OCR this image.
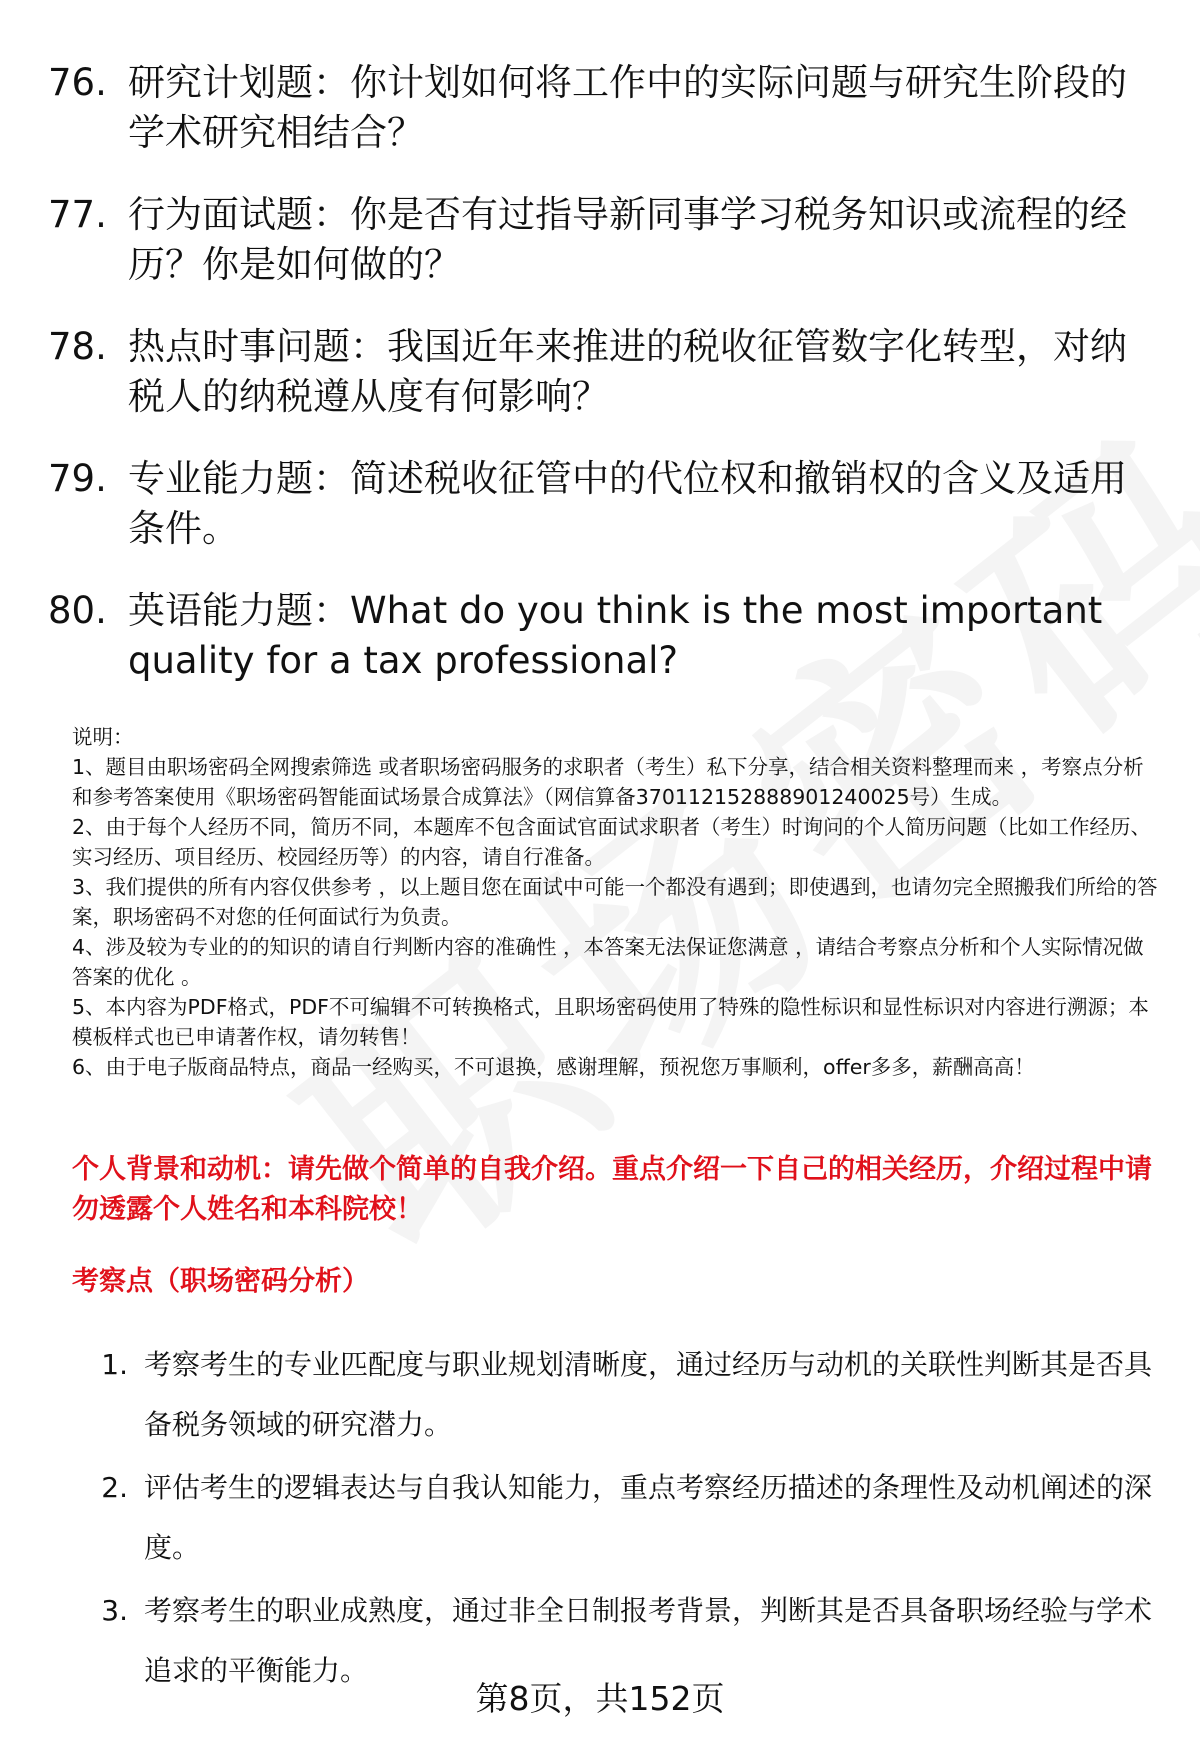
76. 研究计划题：你计划如何将工作中的实际问题与研究生阶段的学术研究相结合？
77. 行为面试题：你是否有过指导新同事学习税务知识或流程的经历？你是如何做的？
78. 热点时事问题：我国近年来推进的税收征管数字化转型，对纳税人的纳税遵从度有何影响？
79. 专业能力题：简述税收征管中的代位权和撤销权的含义及适用条件。
80. 英语能力题：What do you think is the most important quality for a tax professional?
说明：
1、题目由职场密码全网搜索筛选 或者职场密码服务的求职者（考生）私下分享，结合相关资料整理而来 ，考察点分析和参考答案使用《职场密码智能面试场景合成算法》（网信算备370112152888901240025号）生成。
2、由于每个人经历不同，简历不同，本题库不包含面试官面试求职者（考生）时询问的个人简历问题（比如工作经历、实习经历、项目经历、校园经历等）的内容，请自行准备。
3、我们提供的所有内容仅供参考 ，以上题目您在面试中可能一个都没有遇到；即使遇到，也请勿完全照搬我们所给的答案，职场密码不对您的任何面试行为负责。
4、涉及较为专业的的知识的请自行判断内容的准确性 ，本答案无法保证您满意 ，请结合考察点分析和个人实际情况做答案的优化 。
5、本内容为PDF格式，PDF不可编辑不可转换格式，且职场密码使用了特殊的隐性标识和显性标识对内容进行溯源；本模板样式也已申请著作权，请勿转售！
6、由于电子版商品特点，商品一经购买，不可退换，感谢理解，预祝您万事顺利，offer多多，薪酬高高！
个人背景和动机：请先做个简单的自我介绍。重点介绍一下自己的相关经历，介绍过程中请勿透露个人姓名和本科院校！
考察点（职场密码分析）
1. 考察考生的专业匹配度与职业规划清晰度，通过经历与动机的关联性判断其是否具备税务领域的研究潜力。
2. 评估考生的逻辑表达与自我认知能力，重点考察经历描述的条理性及动机阐述的深度。
3. 考察考生的职业成熟度，通过非全日制报考背景，判断其是否具备职场经验与学术追求的平衡能力。
第8页，共152页
